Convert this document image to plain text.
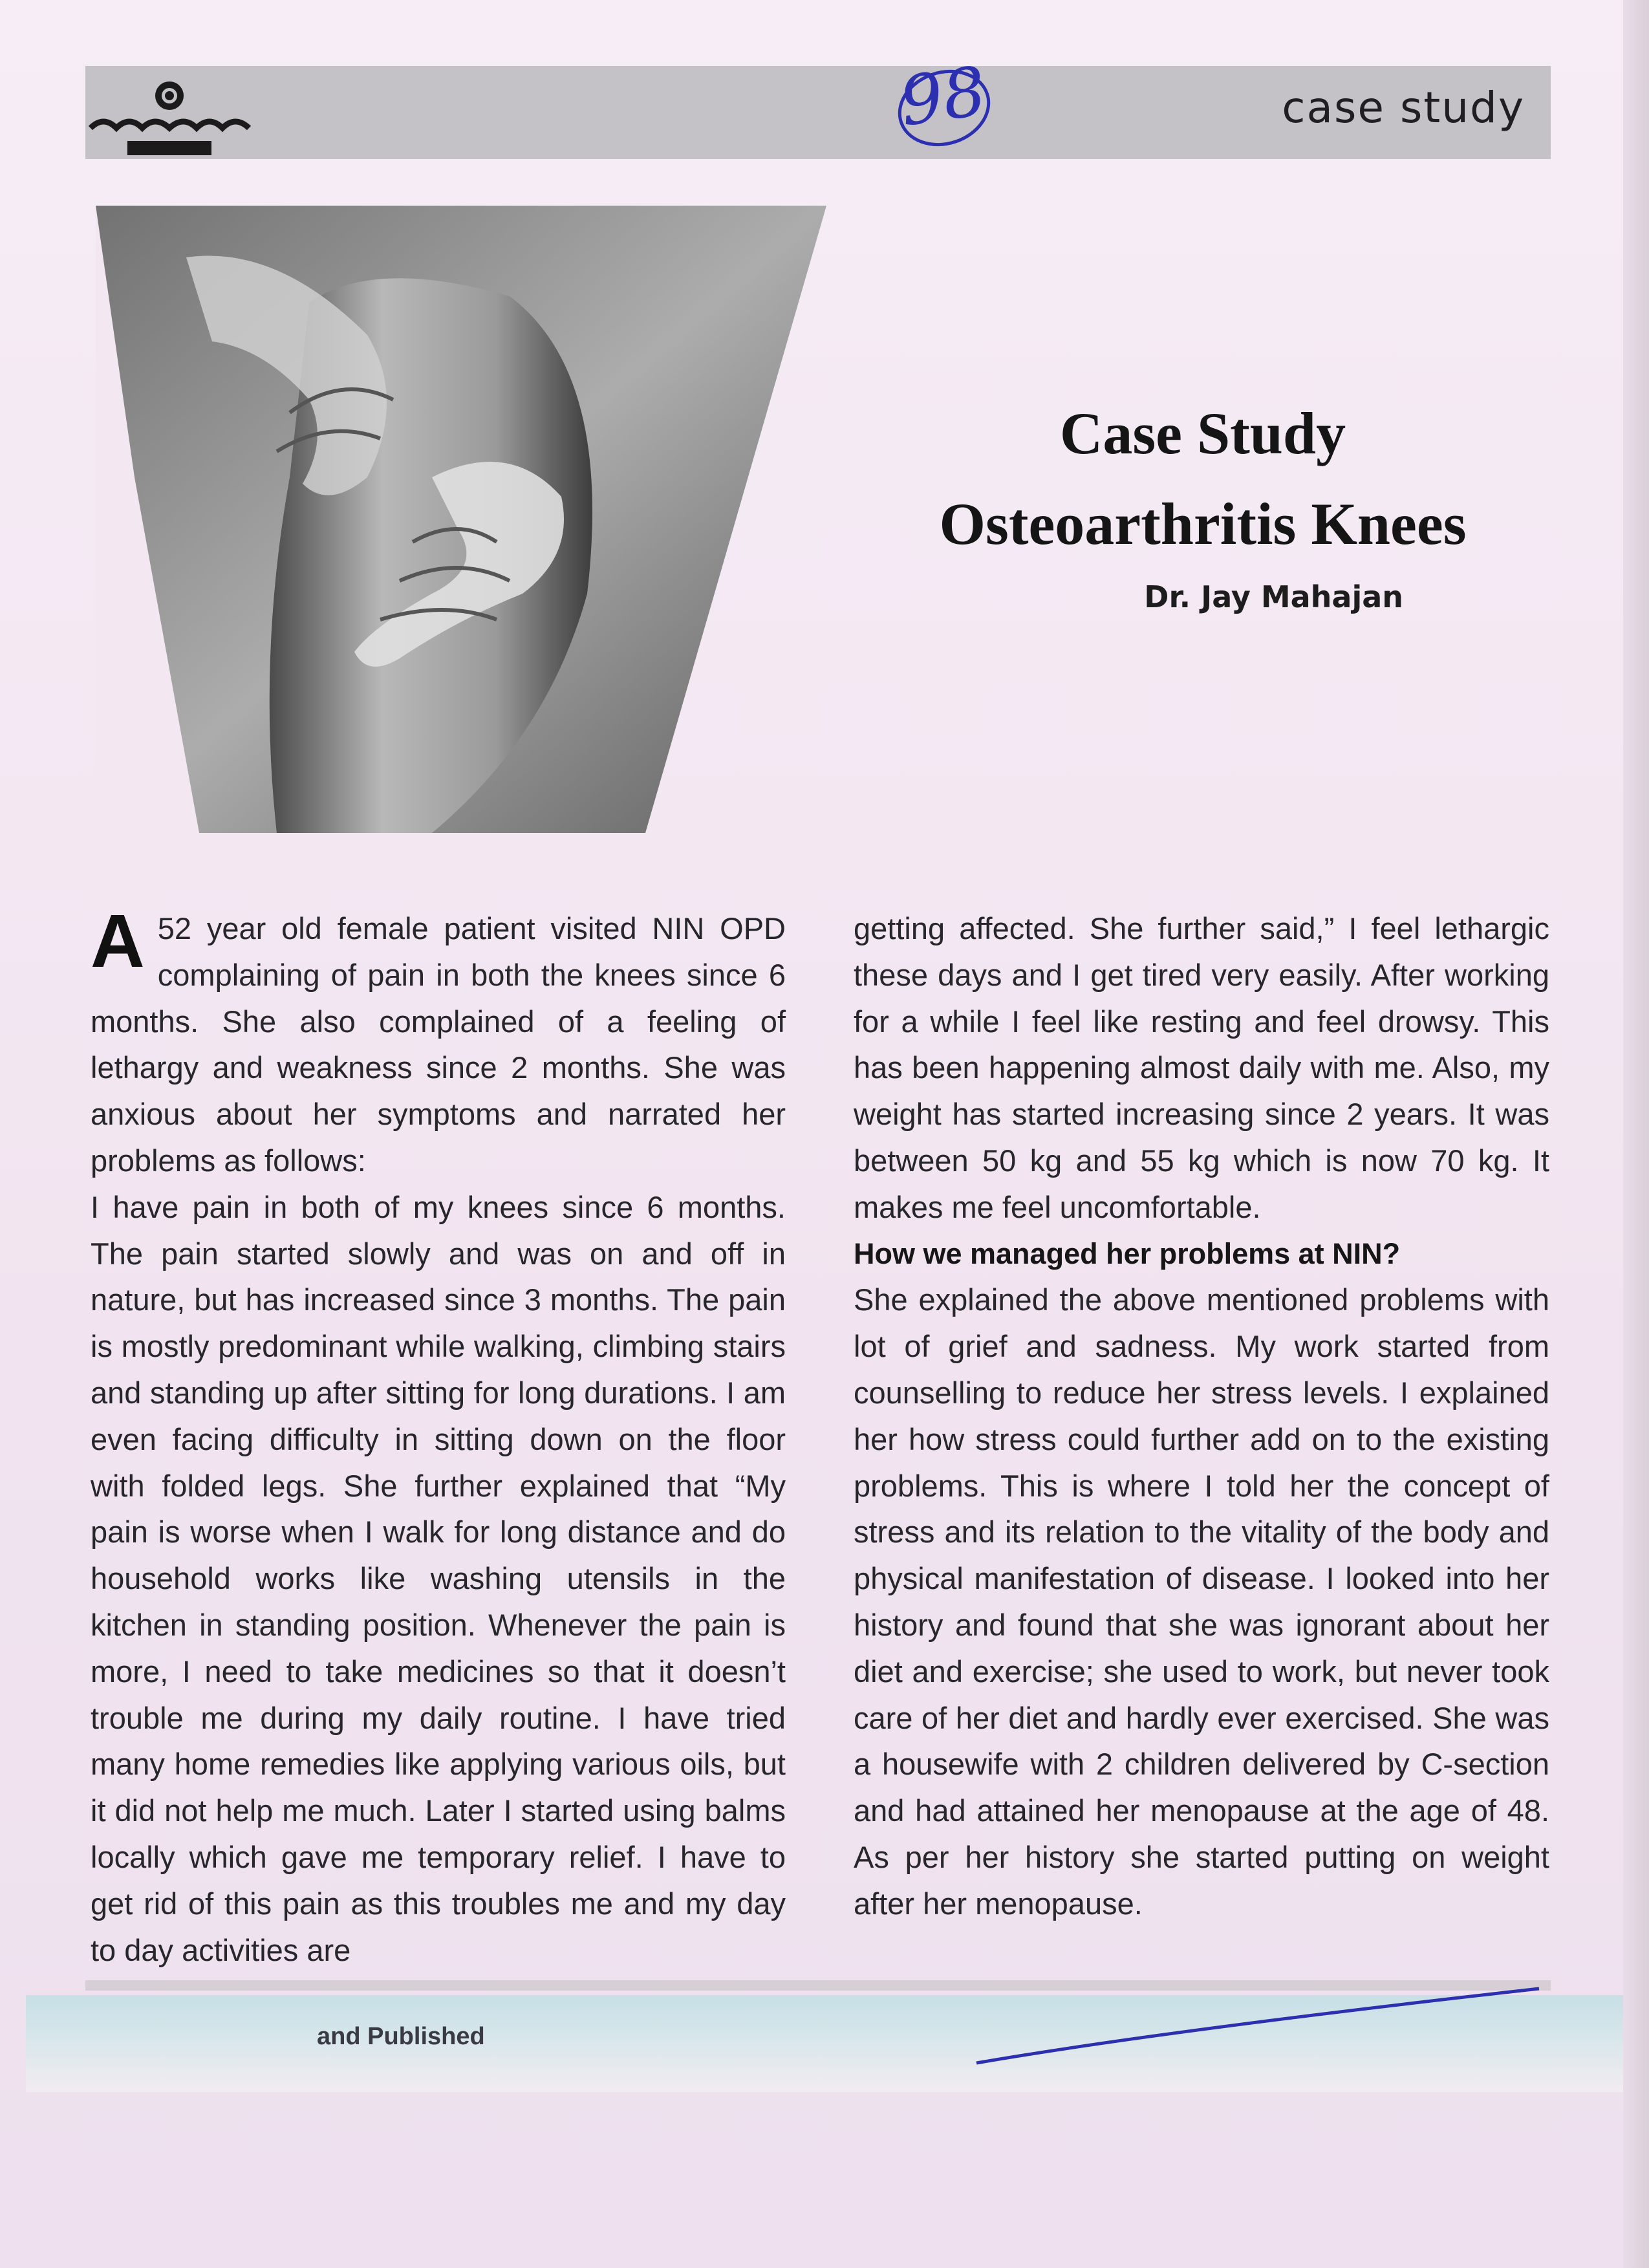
98	case study

Case Study

Osteoarthritis Knees

Dr. Jay Mahajan

A 52 year old female patient visited NIN OPD complaining of pain in both the knees since 6 months. She also complained of a feeling of lethargy and weakness since 2 months. She was anxious about her symptoms and narrated her problems as follows:

I have pain in both of my knees since 6 months. The pain started slowly and was on and off in nature, but has increased since 3 months. The pain is mostly predominant while walking, climbing stairs and standing up after sitting for long durations. I am even facing difficulty in sitting down on the floor with folded legs. She further explained that “My pain is worse when I walk for long distance and do household works like washing utensils in the kitchen in standing position. Whenever the pain is more, I need to take medicines so that it doesn’t trouble me during my daily routine. I have tried many home remedies like applying various oils, but it did not help me much. Later I started using balms locally which gave me temporary relief. I have to get rid of this pain as this troubles me and my day to day activities are

getting affected. She further said,” I feel lethargic these days and I get tired very easily. After working for a while I feel like resting and feel drowsy. This has been happening almost daily with me. Also, my weight has started increasing since 2 years. It was between 50 kg and 55 kg which is now 70 kg. It makes me feel uncomfortable.

How we managed her problems at NIN?

She explained the above mentioned problems with lot of grief and sadness. My work started from counselling to reduce her stress levels. I explained her how stress could further add on to the existing problems. This is where I told her the concept of stress and its relation to the vitality of the body and physical manifestation of disease. I looked into her history and found that she was ignorant about her diet and exercise; she used to work, but never took care of her diet and hardly ever exercised. She was a housewife with 2 children delivered by C-section and had attained her menopause at the age of 48. As per her history she started putting on weight after her menopause.

and Published
